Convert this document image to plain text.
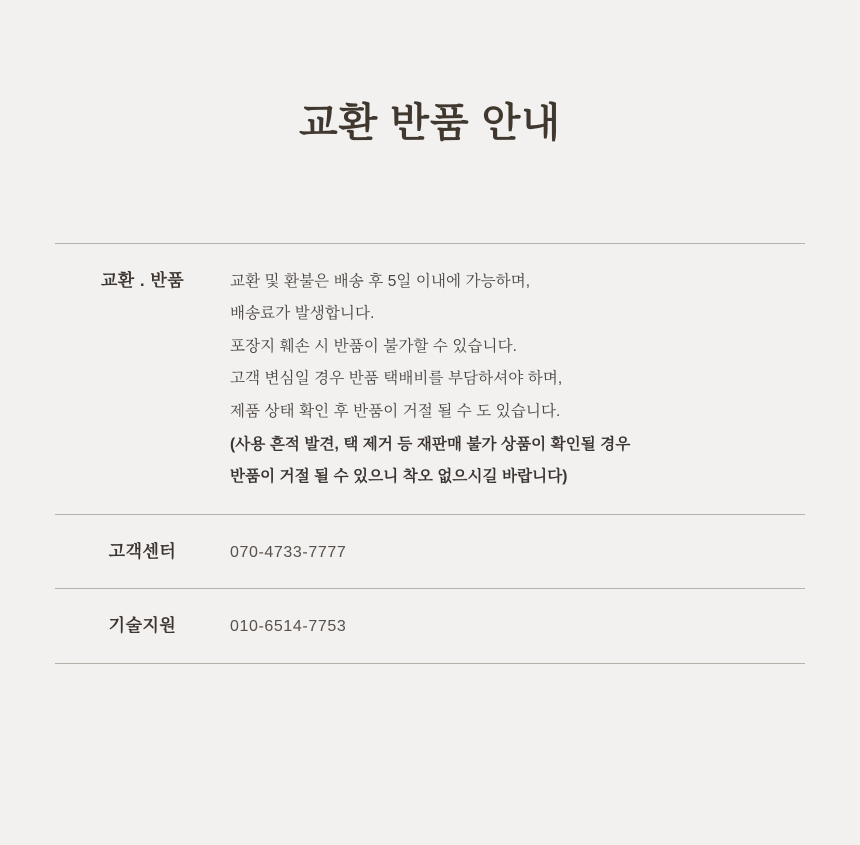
교환 반품 안내
교환 . 반품	교환 및 환불은 배송 후 5일 이내에 가능하며,
배송료가 발생합니다.
포장지 훼손 시 반품이 불가할 수 있습니다.
고객 변심일 경우 반품 택배비를 부담하셔야 하며,
제품 상태 확인 후 반품이 거절 될 수 도 있습니다.
(사용 흔적 발견, 택 제거 등 재판매 불가 상품이 확인될 경우
반품이 거절 될 수 있으니 착오 없으시길 바랍니다)
고객센터	070-4733-7777
기술지원	010-6514-7753
